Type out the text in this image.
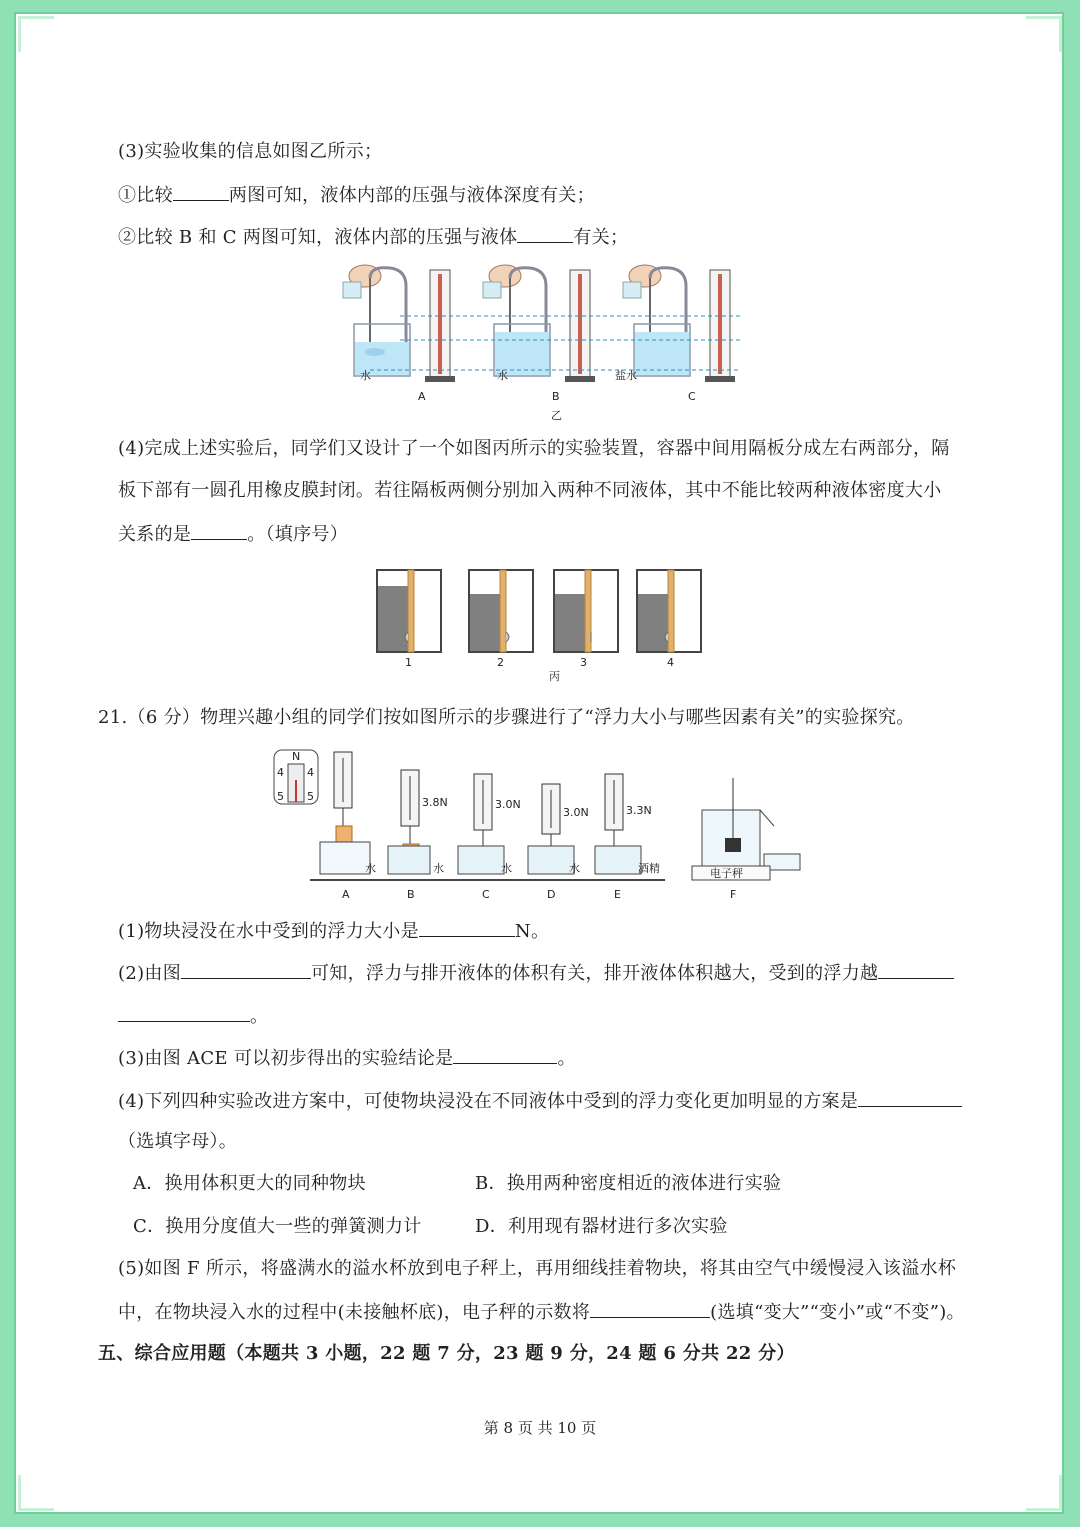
(3)实验收集的信息如图乙所示；
①比较	两图可知，液体内部的压强与液体深度有关；
②比较 B 和 C 两图可知，液体内部的压强与液体	有关；
水	水	盐水
A	B	C
乙
(4)完成上述实验后，同学们又设计了一个如图丙所示的实验装置，容器中间用隔板分成左右两部分，隔
板下部有一圆孔用橡皮膜封闭。若往隔板两侧分别加入两种不同液体，其中不能比较两种液体密度大小
关系的是	。（填序号）
1	2	3	4
丙
21.（6 分）物理兴趣小组的同学们按如图所示的步骤进行了“浮力大小与哪些因素有关”的实验探究。
N
4 4
5 5	3.8N	3.0N
3.0N	3.3N
水	水	水	水	酒精	电子秤
A	B	C	D	E	F
(1)物块浸没在水中受到的浮力大小是	N。
(2)由图	可知，浮力与排开液体的体积有关，排开液体体积越大，受到的浮力越
。
(3)由图 ACE 可以初步得出的实验结论是	。
(4)下列四种实验改进方案中，可使物块浸没在不同液体中受到的浮力变化更加明显的方案是
（选填字母）。
A．换用体积更大的同种物块	B．换用两种密度相近的液体进行实验
C．换用分度值大一些的弹簧测力计	D．利用现有器材进行多次实验
(5)如图 F 所示，将盛满水的溢水杯放到电子秤上，再用细线挂着物块，将其由空气中缓慢浸入该溢水杯
中，在物块浸入水的过程中(未接触杯底)，电子秤的示数将	(选填“变大”“变小”或“不变”)。
五、综合应用题（本题共 3 小题，22 题 7 分，23 题 9 分，24 题 6 分共 22 分）
第 8 页 共 10 页
